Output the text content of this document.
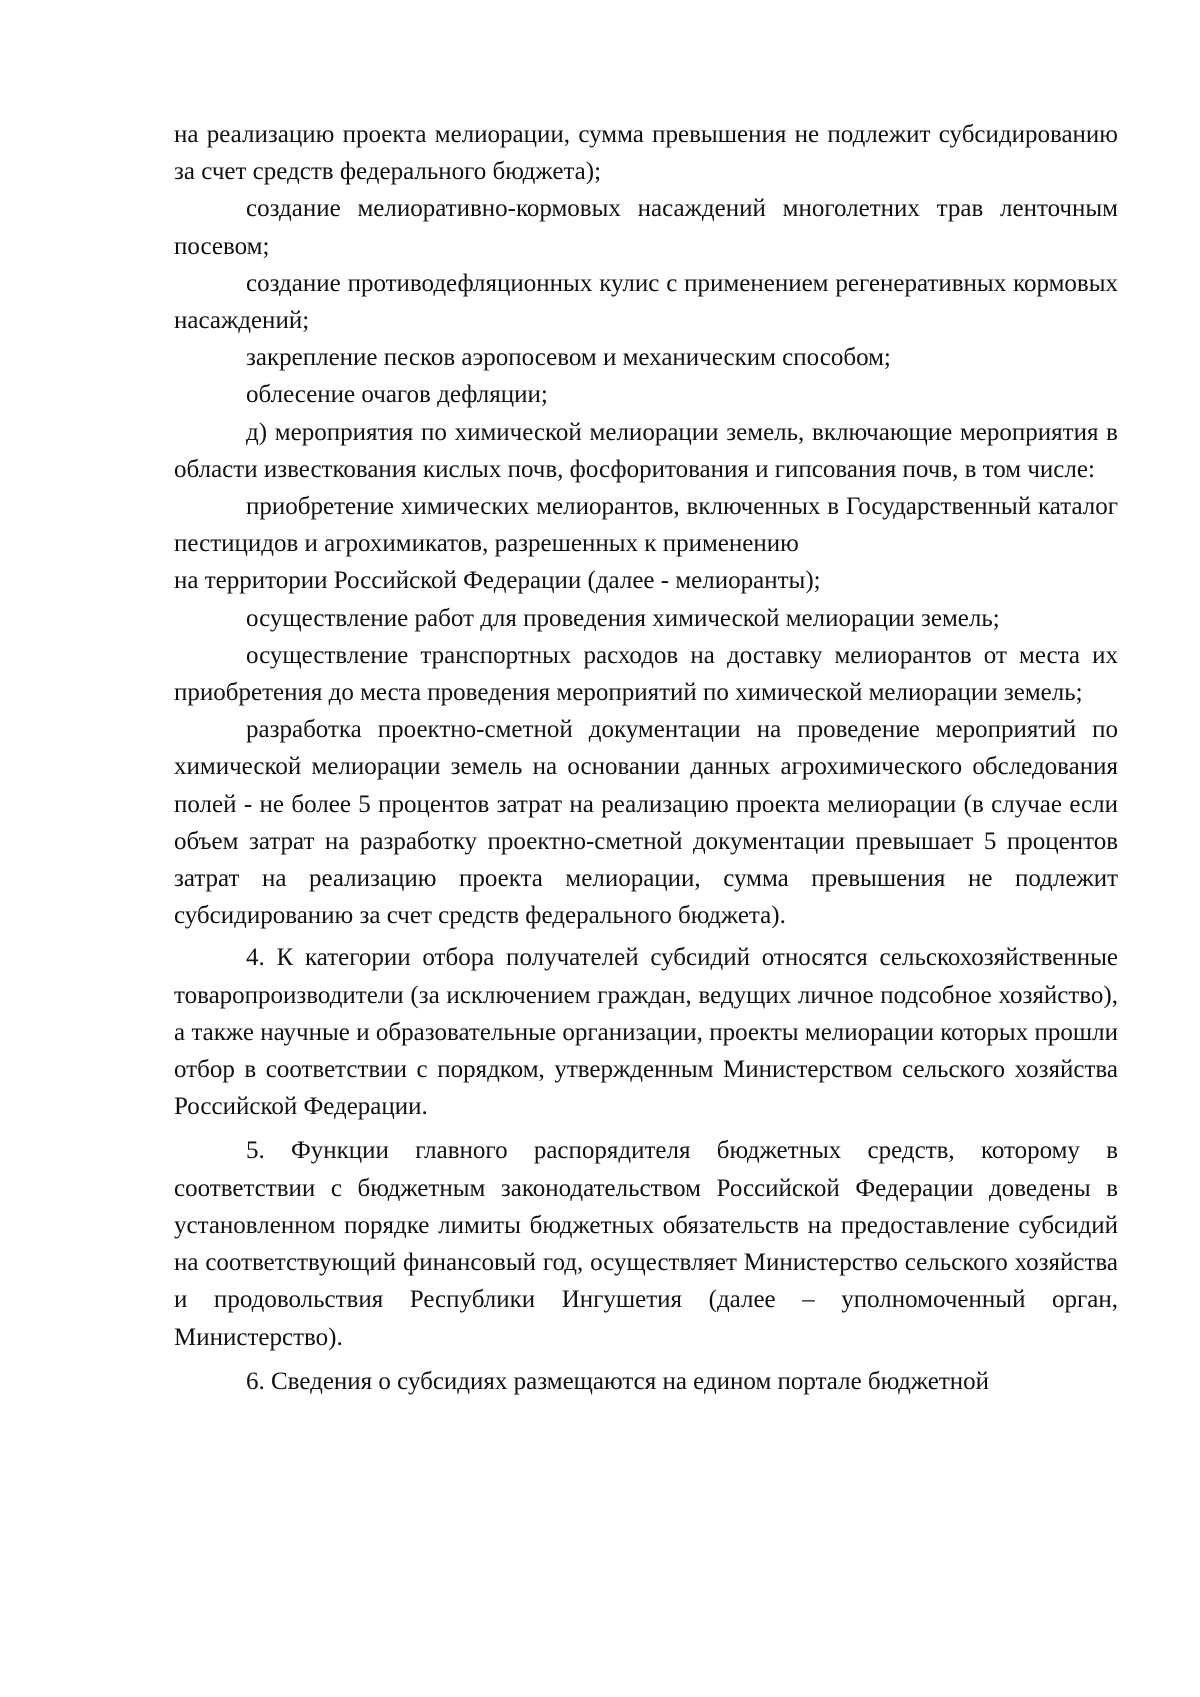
на реализацию проекта мелиорации, сумма превышения не подлежит субсидированию за счет средств федерального бюджета);

создание мелиоративно-кормовых насаждений многолетних трав ленточным посевом;

создание противодефляционных кулис с применением регенеративных кормовых насаждений;

закрепление песков аэропосевом и механическим способом;

облесение очагов дефляции;

д) мероприятия по химической мелиорации земель, включающие мероприятия в области известкования кислых почв, фосфоритования и гипсования почв, в том числе:

приобретение химических мелиорантов, включенных в Государственный каталог пестицидов и агрохимикатов, разрешенных к применению

на территории Российской Федерации (далее - мелиоранты);

осуществление работ для проведения химической мелиорации земель;

осуществление транспортных расходов на доставку мелиорантов от места их приобретения до места проведения мероприятий по химической мелиорации земель;

разработка проектно-сметной документации на проведение мероприятий по химической мелиорации земель на основании данных агрохимического обследования полей - не более 5 процентов затрат на реализацию проекта мелиорации (в случае если объем затрат на разработку проектно-сметной документации превышает 5 процентов затрат на реализацию проекта мелиорации, сумма превышения не подлежит субсидированию за счет средств федерального бюджета).

4. К категории отбора получателей субсидий относятся сельскохозяйственные товаропроизводители (за исключением граждан, ведущих личное подсобное хозяйство), а также научные и образовательные организации, проекты мелиорации которых прошли отбор в соответствии с порядком, утвержденным Министерством сельского хозяйства Российской Федерации.

5. Функции главного распорядителя бюджетных средств, которому в соответствии с бюджетным законодательством Российской Федерации доведены в установленном порядке лимиты бюджетных обязательств на предоставление субсидий на соответствующий финансовый год, осуществляет Министерство сельского хозяйства и продовольствия Республики Ингушетия (далее – уполномоченный орган, Министерство).

6. Сведения о субсидиях размещаются на едином портале бюджетной
